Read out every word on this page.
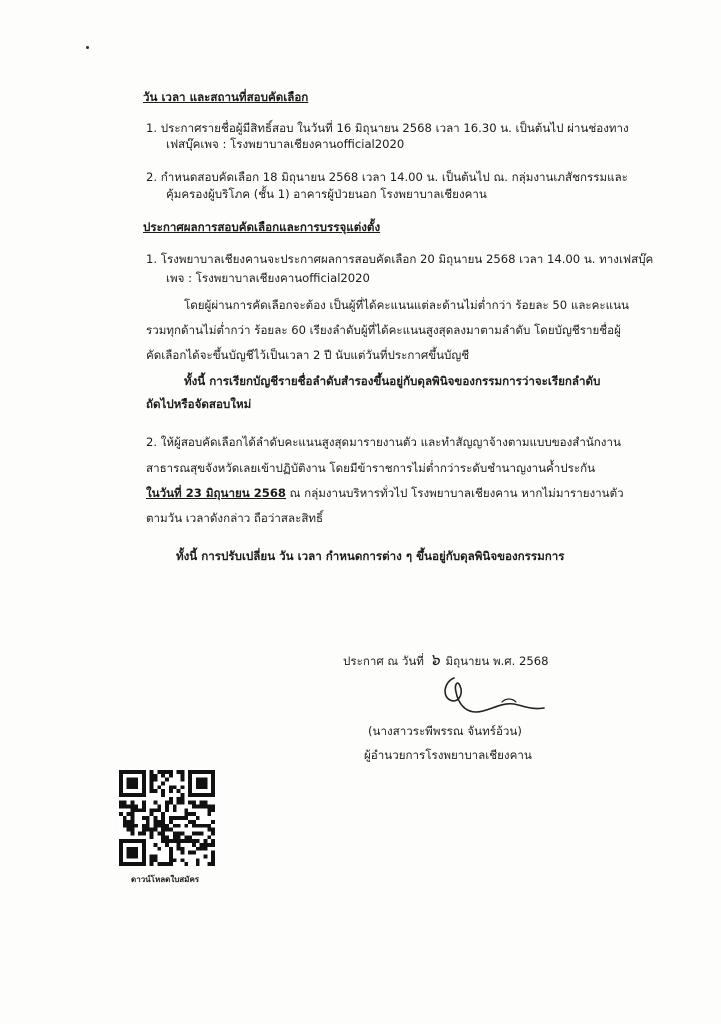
วัน เวลา และสถานที่สอบคัดเลือก
1. ประกาศรายชื่อผู้มีสิทธิ์สอบ ในวันที่ 16 มิถุนายน 2568 เวลา 16.30 น. เป็นต้นไป ผ่านช่องทาง
เฟสบุ๊คเพจ : โรงพยาบาลเชียงคานofficial2020
2. กำหนดสอบคัดเลือก 18 มิถุนายน 2568 เวลา 14.00 น. เป็นต้นไป ณ. กลุ่มงานเภสัชกรรมและ
คุ้มครองผู้บริโภค (ชั้น 1) อาคารผู้ป่วยนอก โรงพยาบาลเชียงคาน
ประกาศผลการสอบคัดเลือกและการบรรจุแต่งตั้ง
1. โรงพยาบาลเชียงคานจะประกาศผลการสอบคัดเลือก 20 มิถุนายน 2568 เวลา 14.00 น. ทางเฟสบุ๊ค
เพจ : โรงพยาบาลเชียงคานofficial2020
โดยผู้ผ่านการคัดเลือกจะต้อง เป็นผู้ที่ได้คะแนนแต่ละด้านไม่ต่ำกว่า ร้อยละ 50 และคะแนน
รวมทุกด้านไม่ต่ำกว่า ร้อยละ 60 เรียงลำดับผู้ที่ได้คะแนนสูงสุดลงมาตามลำดับ โดยบัญชีรายชื่อผู้
คัดเลือกได้จะขึ้นบัญชีไว้เป็นเวลา 2 ปี นับแต่วันที่ประกาศขึ้นบัญชี
ทั้งนี้ การเรียกบัญชีรายชื่อลำดับสำรองขึ้นอยู่กับดุลพินิจของกรรมการว่าจะเรียกลำดับ
ถัดไปหรือจัดสอบใหม่
2. ให้ผู้สอบคัดเลือกได้ลำดับคะแนนสูงสุดมารายงานตัว และทำสัญญาจ้างตามแบบของสำนักงาน
สาธารณสุขจังหวัดเลยเข้าปฏิบัติงาน โดยมีข้าราชการไม่ต่ำกว่าระดับชำนาญงานค้ำประกัน
ในวันที่ 23 มิถุนายน 2568 ณ กลุ่มงานบริหารทั่วไป โรงพยาบาลเชียงคาน หากไม่มารายงานตัว
ตามวัน เวลาดังกล่าว ถือว่าสละสิทธิ์
ทั้งนี้ การปรับเปลี่ยน วัน เวลา กำหนดการต่าง ๆ ขึ้นอยู่กับดุลพินิจของกรรมการ
ประกาศ ณ วันที่ ๖ มิถุนายน พ.ศ. 2568
(นางสาวระพีพรรณ จันทร์อ้วน)
ผู้อำนวยการโรงพยาบาลเชียงคาน
ดาวน์โหลดใบสมัคร
